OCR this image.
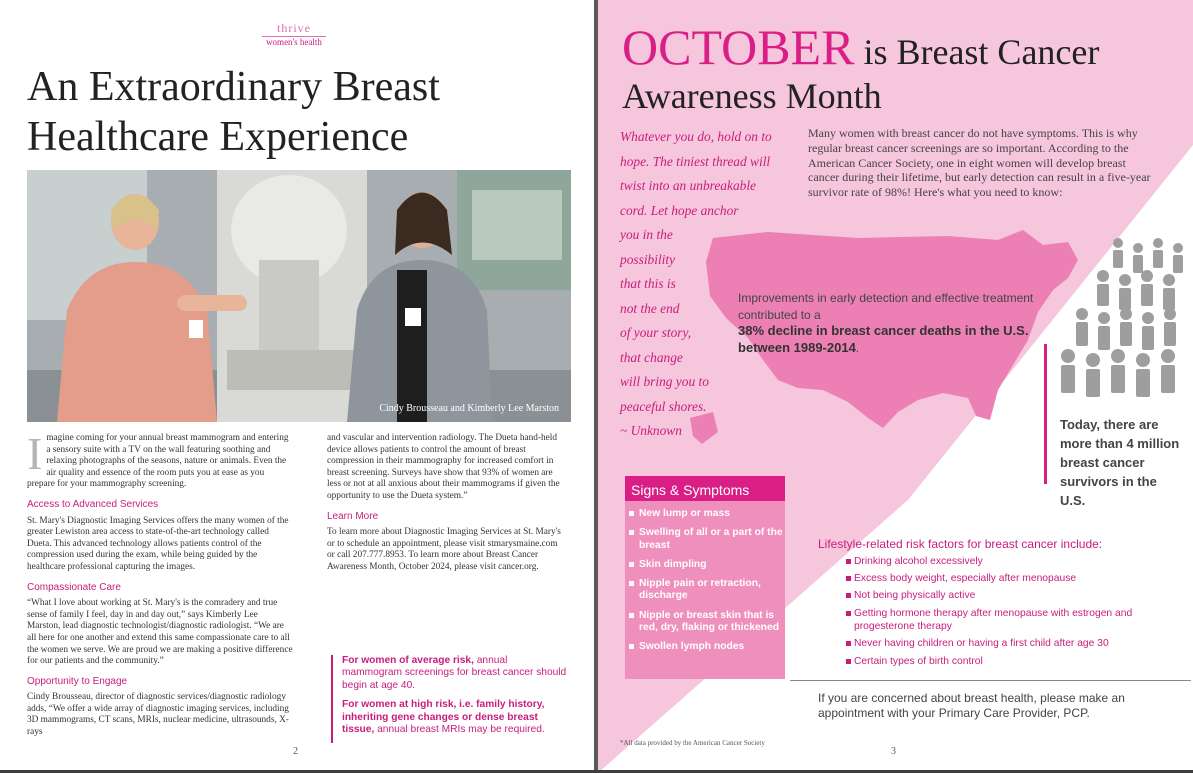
thrive
women's health
An Extraordinary Breast
Healthcare Experience
Cindy Brousseau and Kimberly Lee Marston

Imagine coming for your annual breast mammogram and entering a sensory suite with a TV on the wall featuring soothing and relaxing photographs of the seasons, nature or animals. Even the air quality and essence of the room puts you at ease as you prepare for your mammography screening.

Access to Advanced Services

St. Mary's Diagnostic Imaging Services offers the many women of the greater Lewiston area access to state-of-the-art technology called Dueta. This advanced technology allows patients control of the compression used during the exam, while being guided by the healthcare professional capturing the images.

Compassionate Care

“What I love about working at St. Mary's is the comradery and true sense of family I feel, day in and day out,” says Kimberly Lee Marston, lead diagnostic technologist/diagnostic radiologist. “We are all here for one another and extend this same compassionate care to all the women we serve. We are proud we are making a positive difference for our patients and the community.”

Opportunity to Engage

Cindy Brousseau, director of diagnostic services/diagnostic radiology adds, “We offer a wide array of diagnostic imaging services, including 3D mammograms, CT scans, MRIs, nuclear medicine, ultrasounds, X-rays

and vascular and intervention radiology. The Dueta hand-held device allows patients to control the amount of breast compression in their mammography for increased comfort in breast screening. Surveys have show that 93% of women are less or not at all anxious about their mammograms if given the opportunity to use the Dueta system.”

Learn More

To learn more about Diagnostic Imaging Services at St. Mary's or to schedule an appointment, please visit stmarysmaine.com or call 207.777.8953. To learn more about Breast Cancer Awareness Month, October 2024, please visit cancer.org.

For women of average risk, annual mammogram screenings for breast cancer should begin at age 40.

For women at high risk, i.e. family history, inheriting gene changes or dense breast tissue, annual breast MRIs may be required.

2
OCTOBER is Breast Cancer
Awareness Month
Whatever you do, hold on to
hope. The tiniest thread will
twist into an unbreakable
cord. Let hope anchor
you in the
possibility
that this is
not the end
of your story,
that change
will bring you to
peaceful shores.
~ Unknown
Many women with breast cancer do not have symptoms. This is why regular breast cancer screenings are so important. According to the American Cancer Society, one in eight women will develop breast cancer during their lifetime, but early detection can result in a five-year survivor rate of 98%! Here's what you need to know:
Improvements in early detection and effective treatment contributed to a
38% decline in breast cancer deaths in the U.S. between 1989-2014.
Today, there are more than 4 million breast cancer survivors in the U.S.
Signs & Symptoms
New lump or mass
Swelling of all or a part of the breast
Skin dimpling
Nipple pain or retraction, discharge
Nipple or breast skin that is red, dry, flaking or thickened
Swollen lymph nodes
Lifestyle-related risk factors for breast cancer include:
Drinking alcohol excessively
Excess body weight, especially after menopause
Not being physically active
Getting hormone therapy after menopause with estrogen and progesterone therapy
Never having children or having a first child after age 30
Certain types of birth control
If you are concerned about breast health, please make an appointment with your Primary Care Provider, PCP.
*All data provided by the American Cancer Society
3
